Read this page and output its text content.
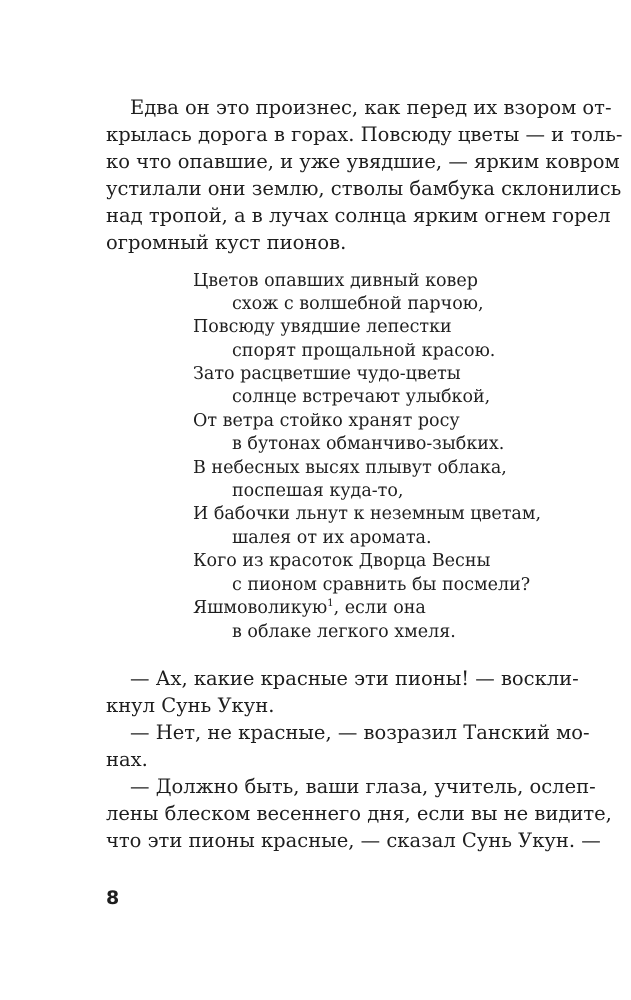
Едва он это произнес, как перед их взором от-
крылась дорога в горах. Повсюду цветы — и толь-
ко что опавшие, и уже увядшие, — ярким ковром
устилали они землю, стволы бамбука склонились
над тропой, а в лучах солнца ярким огнем горел
огромный куст пионов.
Цветов опавших дивный ковер
схож с волшебной парчою,
Повсюду увядшие лепестки
спорят прощальной красою.
Зато расцветшие чудо-цветы
солнце встречают улыбкой,
От ветра стойко хранят росу
в бутонах обманчиво-зыбких.
В небесных высях плывут облака,
поспешая куда-то,
И бабочки льнут к неземным цветам,
шалея от их аромата.
Кого из красоток Дворца Весны
с пионом сравнить бы посмели?
Яшмоволикую$^1$, если она
в облаке легкого хмеля.
— Ах, какие красные эти пионы! — воскли-
кнул Сунь Укун.
— Нет, не красные, — возразил Танский мо-
нах.
— Должно быть, ваши глаза, учитель, ослеп-
лены блеском весеннего дня, если вы не видите,
что эти пионы красные, — сказал Сунь Укун. —
8
